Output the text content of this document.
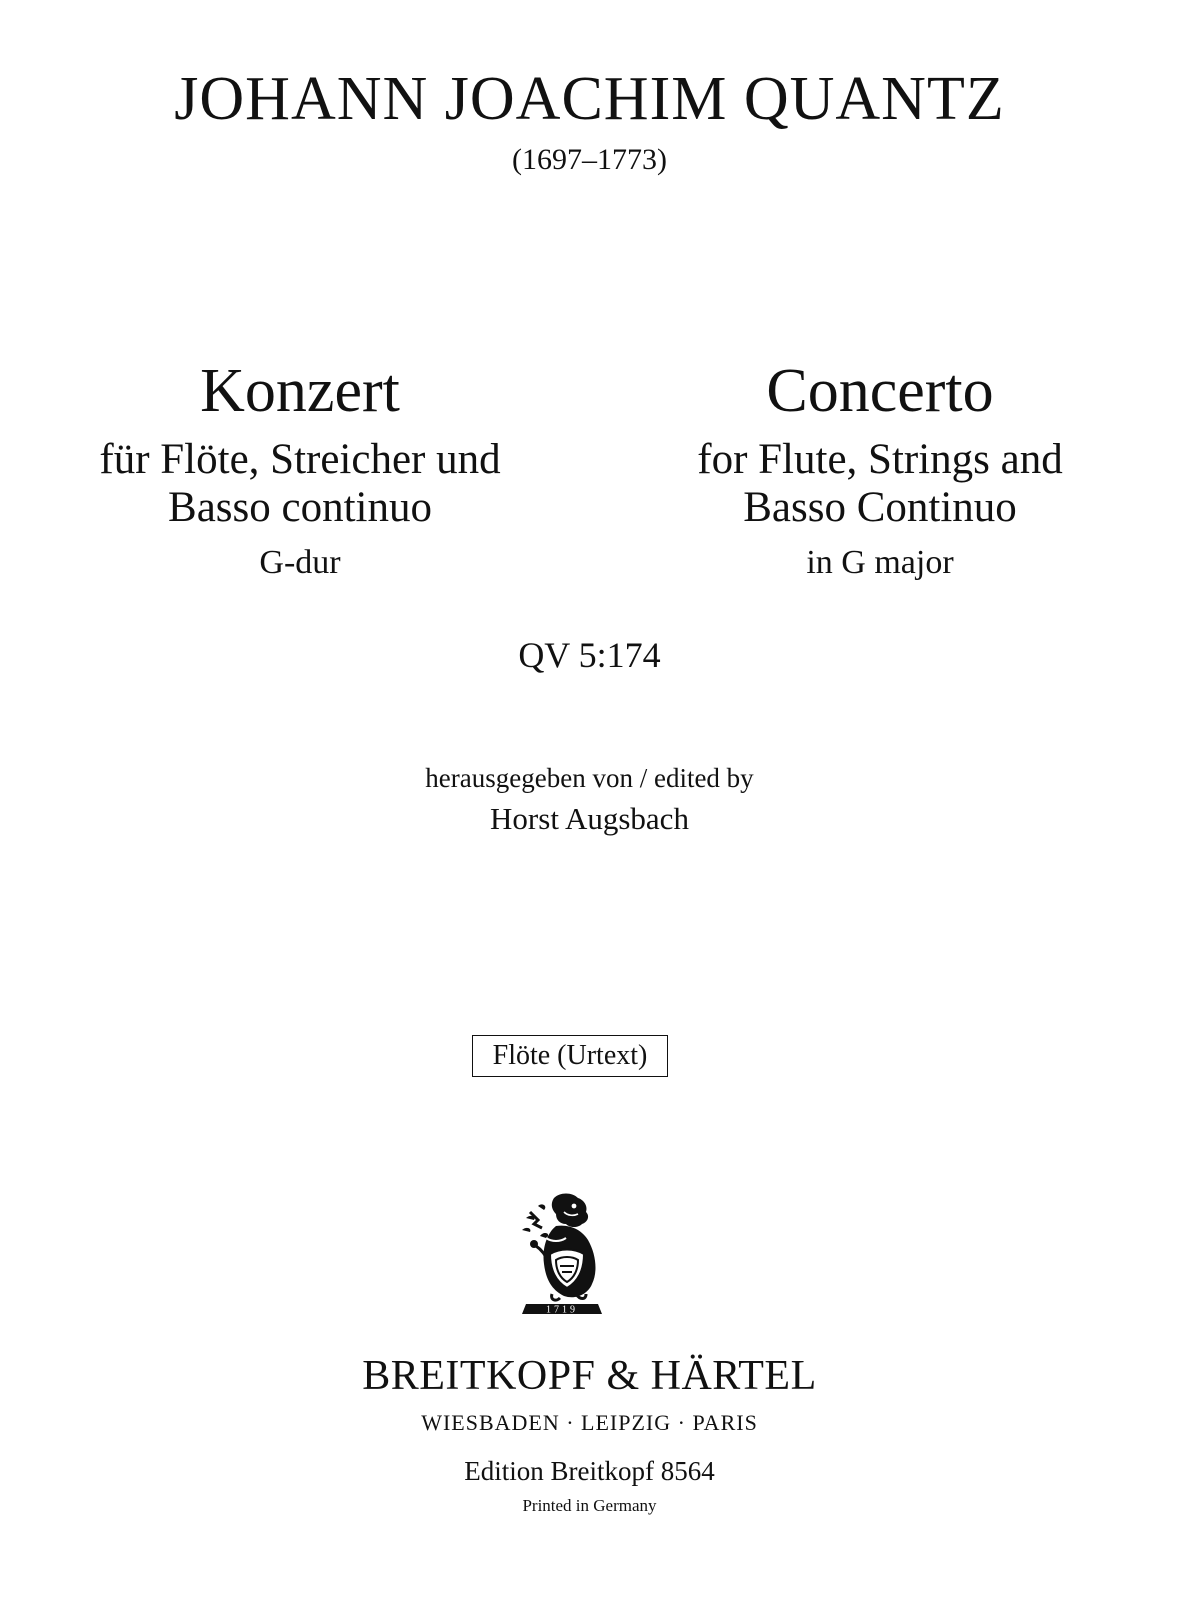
JOHANN JOACHIM QUANTZ
(1697–1773)
Konzert
für Flöte, Streicher und
Basso continuo
G-dur
Concerto
for Flute, Strings and
Basso Continuo
in G major
QV 5:174
herausgegeben von / edited by
Horst Augsbach
Flöte (Urtext)
1719
BREITKOPF & HÄRTEL
WIESBADEN · LEIPZIG · PARIS
Edition Breitkopf 8564
Printed in Germany
